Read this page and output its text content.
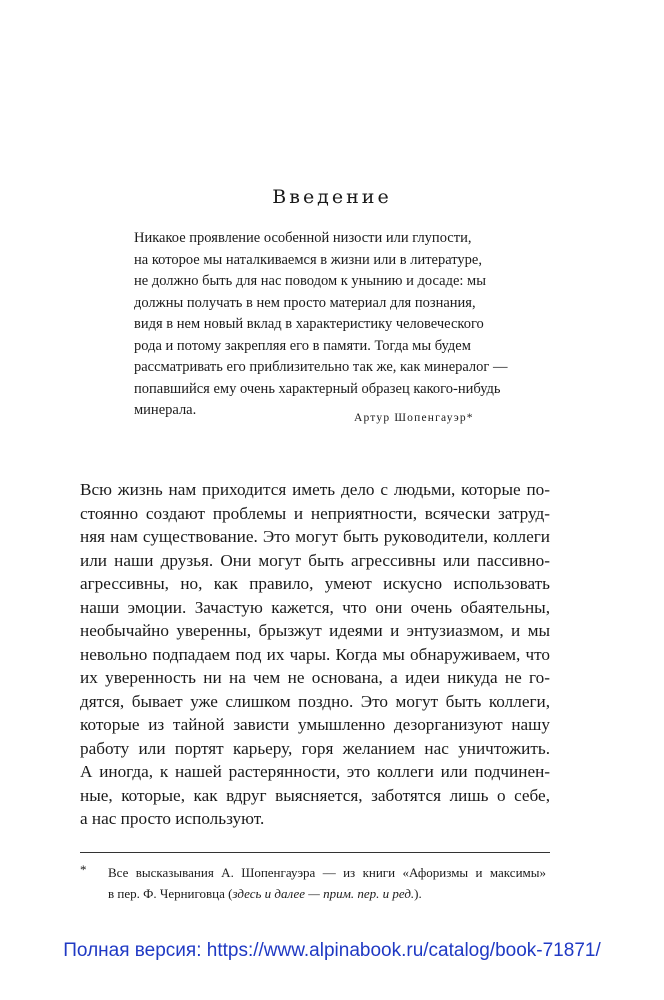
Введение
Никакое проявление особенной низости или глупости,
на которое мы наталкиваемся в жизни или в литературе,
не должно быть для нас поводом к унынию и досаде: мы
должны получать в нем просто материал для познания,
видя в нем новый вклад в характеристику человеческого
рода и потому закрепляя его в памяти. Тогда мы будем
рассматривать его приблизительно так же, как минералог —
попавшийся ему очень характерный образец какого-нибудь
минерала.	Артур Шопенгауэр*
Всю жизнь нам приходится иметь дело с людьми, которые по-
стоянно создают проблемы и неприятности, всячески затруд-
няя нам существование. Это могут быть руководители, коллеги
или наши друзья. Они могут быть агрессивны или пассивно-
агрессивны, но, как правило, умеют искусно использовать
наши эмоции. Зачастую кажется, что они очень обаятельны,
необычайно уверенны, брызжут идеями и энтузиазмом, и мы
невольно подпадаем под их чары. Когда мы обнаруживаем, что
их уверенность ни на чем не основана, а идеи никуда не го-
дятся, бывает уже слишком поздно. Это могут быть коллеги,
которые из тайной зависти умышленно дезорганизуют нашу
работу или портят карьеру, горя желанием нас уничтожить.
А иногда, к нашей растерянности, это коллеги или подчинен-
ные, которые, как вдруг выясняется, заботятся лишь о себе,
а нас просто используют.
* Все высказывания А. Шопенгауэра — из книги «Афоризмы и максимы»
в пер. Ф. Черниговца (здесь и далее — прим. пер. и ред.).
Полная версия: https://www.alpinabook.ru/catalog/book-71871/
